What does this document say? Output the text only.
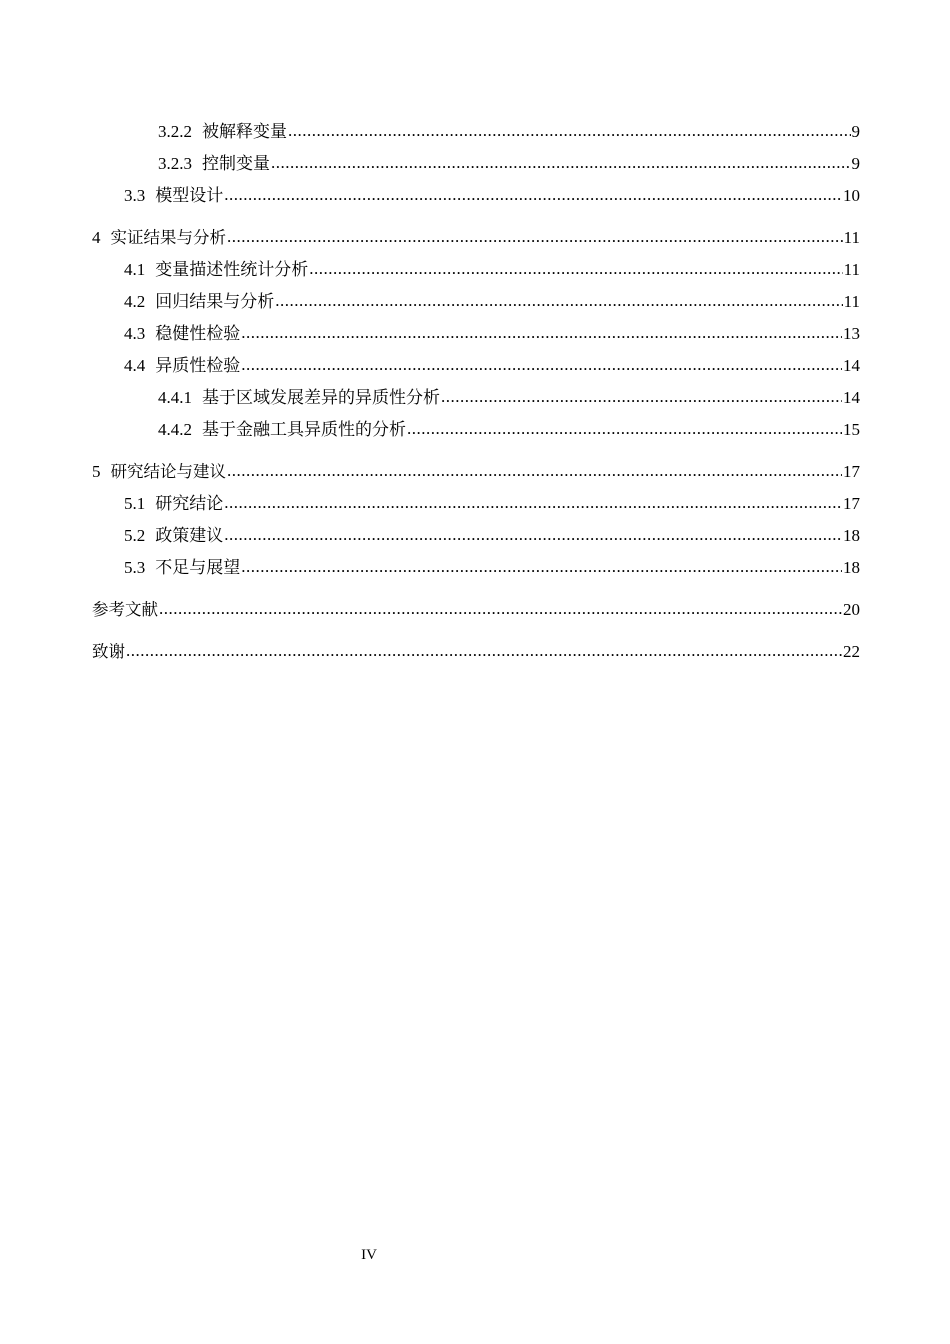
3.2.2 被解释变量 .....	9
3.2.3 控制变量 .....	9
3.3 模型设计 .....	10
4 实证结果与分析 .....	11
4.1 变量描述性统计分析 .....	11
4.2 回归结果与分析 .....	11
4.3 稳健性检验 .....	13
4.4 异质性检验 .....	14
4.4.1 基于区域发展差异的异质性分析 .....	14
4.4.2 基于金融工具异质性的分析 .....	15
5 研究结论与建议 .....	17
5.1 研究结论 .....	17
5.2 政策建议 .....	18
5.3 不足与展望 .....	18
参考文献 .....	20
致谢 .....	22
IV
